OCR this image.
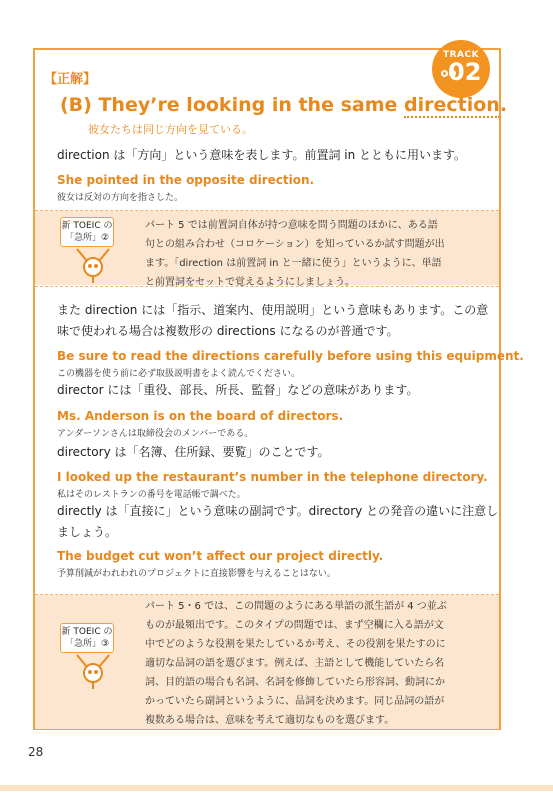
TRACK
02
【正解】
(B) They’re looking in the same direction.
彼女たちは同じ方向を見ている。
direction は「方向」という意味を表します。前置詞 in とともに用います。
She pointed in the opposite direction.
彼女は反対の方向を指さした。
新 TOEIC の
「急所」②
パート 5 では前置詞自体が持つ意味を問う問題のほかに、ある語
句との組み合わせ（コロケーション）を知っているか試す問題が出
ます。「direction は前置詞 in と一緒に使う」というように、単語
と前置詞をセットで覚えるようにしましょう。
また direction には「指示、道案内、使用説明」という意味もあります。この意
味で使われる場合は複数形の directions になるのが普通です。
Be sure to read the directions carefully before using this equipment.
この機器を使う前に必ず取扱説明書をよく読んでください。
director には「重役、部長、所長、監督」などの意味があります。
Ms. Anderson is on the board of directors.
アンダーソンさんは取締役会のメンバーである。
directory は「名簿、住所録、要覧」のことです。
I looked up the restaurant’s number in the telephone directory.
私はそのレストランの番号を電話帳で調べた。
directly は「直接に」という意味の副詞です。directory との発音の違いに注意し
ましょう。
The budget cut won’t affect our project directly.
予算削減がわれわれのプロジェクトに直接影響を与えることはない。
新 TOEIC の
「急所」③
パート 5・6 では、この問題のようにある単語の派生語が 4 つ並ぶ
ものが最頻出です。このタイプの問題では、まず空欄に入る語が文
中でどのような役割を果たしているか考え、その役割を果たすのに
適切な品詞の語を選びます。例えば、主語として機能していたら名
詞、目的語の場合も名詞、名詞を修飾していたら形容詞、動詞にか
かっていたら副詞というように、品詞を決めます。同じ品詞の語が
複数ある場合は、意味を考えて適切なものを選びます。
28
